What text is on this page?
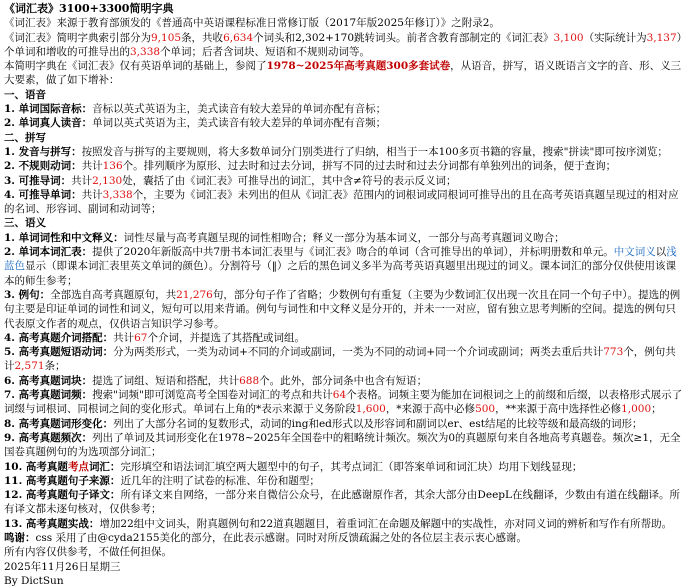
《词汇表》3100+3300简明字典

《词汇表》来源于教育部颁发的《普通高中英语课程标准日常修订版（2017年版2025年修订）》之附录2。

《词汇表》简明字典索引部分为9,105条，共收6,634个词头和2,302+170跳转词头。前者含教育部制定的《词汇表》3,100（实际统计为3,137）个单词和增收的可推导出的3,338个单词；后者含词块、短语和不规则动词等。

本简明字典在《词汇表》仅有英语单词的基础上，参阅了1978~2025年高考真题300多套试卷，从语音，拼写，语义既语言文字的音、形、义三大要素，做了如下增补：

一、语音

1. 单词国际音标：音标以英式英语为主，美式读音有较大差异的单词亦配有音标；

2. 单词真人读音：单词以英式英语为主，美式读音有较大差异的单词亦配有音频；

二、拼写

1. 发音与拼写：按照发音与拼写的主要规则，将大多数单词分门别类进行了归纳，相当于一本100多页书籍的容量，搜索"拼读"即可按序浏览；

2. 不规则动词：共计136个。排列顺序为原形、过去时和过去分词，拼写不同的过去时和过去分词都有单独列出的词条，便于查询；

3. 可推导词：共计2,130处，囊括了由《词汇表》可推导出的词汇，其中含≠符号的表示反义词；

4. 可推导单词：共计3,338个，主要为《词汇表》未列出的但从《词汇表》范围内的词根词或同根词可推导出的且在高考英语真题呈现过的相对应的名词、形容词、副词和动词等；

三、语义

1. 单词词性和中文释义：词性尽量与高考真题呈现的词性相吻合；释义一部分为基本词义，一部分与高考真题词义吻合；

2. 单词本词汇表：提供了2020年新版高中共7册书本词汇表里与《词汇表》吻合的单词（含可推导出的单词），并标明册数和单元。中文词义以浅蓝色显示（即课本词汇表里英文单词的颜色）。分割符号（‖）之后的黑色词义多半为高考英语真题里出现过的词义。课本词汇的部分仅供使用该课本的师生参考；

3. 例句：全部选自高考真题原句，共21,276句，部分句子作了省略；少数例句有重复（主要为少数词汇仅出现一次且在同一个句子中）。提选的例句主要是印证单词的词性和词义，短句可以用来背诵。例句与词性和中文释义是分开的，并未一一对应，留有独立思考判断的空间。提选的例句只代表原文作者的观点，仅供语言知识学习参考。

4. 高考真题介词搭配：共计67个介词，并提选了其搭配或词组。

5. 高考真题短语动词：分为两类形式，一类为动词+不同的介词或副词，一类为不同的动词+同一个介词或副词；两类去重后共计773个，例句共计2,571条；

6. 高考真题词块：提选了词组、短语和搭配，共计688个。此外，部分词条中也含有短语；

7. 高考真题词频：搜索"词频"即可浏览高考全国卷对词汇的考点和共计64个表格。词频主要为能加在词根词之上的前缀和后缀，以表格形式展示了词缀与词根词、同根词之间的变化形式。单词右上角的*表示来源于义务阶段1,600，*来源于高中必修500，**来源于高中选择性必修1,000；

8. 高考真题词形变化：列出了大部分名词的复数形式，动词的ing和ed形式以及形容词和副词以er、est结尾的比较等级和最高级的词形；

9. 高考真题频次：列出了单词及其词形变化在1978~2025年全国卷中的粗略统计频次。频次为0的真题原句来自各地高考真题卷。频次≥1，无全国卷真题例句的为选项部分词汇；

10. 高考真题考点词汇：完形填空和语法词汇填空两大题型中的句子，其考点词汇（即答案单词和词汇块）均用下划线显现；

11. 高考真题句子来源：近几年的注明了试卷的标准、年份和题型；

12. 高考真题句子译文：所有译文来自网络，一部分来自微信公众号，在此感谢原作者，其余大部分由DeepL在线翻译，少数由有道在线翻译。所有译文都未逐句核对，仅供参考；

13. 高考真题实战：增加22组中文词头，附真题例句和22道真题题目，着重词汇在命题及解题中的实战性，亦对同义词的辨析和写作有所帮助。

鸣谢：css 采用了由@cyda2155美化的部分，在此表示感谢。同时对所反馈疏漏之处的各位层主表示衷心感谢。

所有内容仅供参考，不做任何担保。
2025年11月26日星期三
By DictSun
